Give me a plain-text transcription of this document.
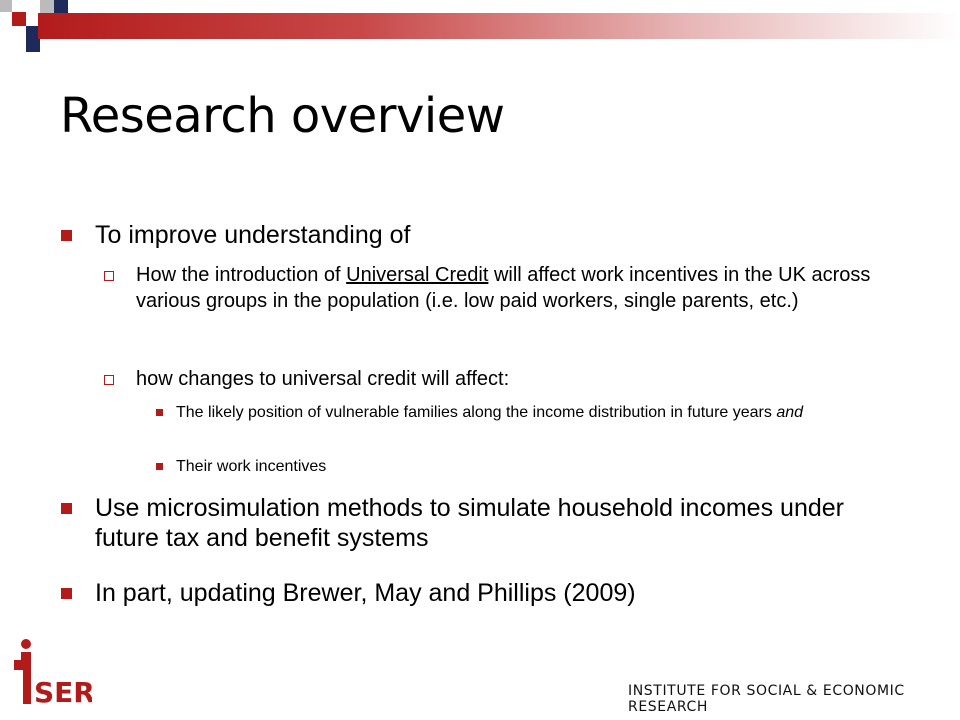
Research overview
To improve understanding of
How the introduction of Universal Credit will affect work incentives in the UK across various groups in the population (i.e. low paid workers, single parents, etc.)
how changes to universal credit will affect:
The likely position of vulnerable families along the income distribution in future years and
Their work incentives
Use microsimulation methods to simulate household incomes under future tax and benefit systems
In part, updating Brewer, May and Phillips (2009)
SER	INSTITUTE FOR SOCIAL & ECONOMIC RESEARCH
